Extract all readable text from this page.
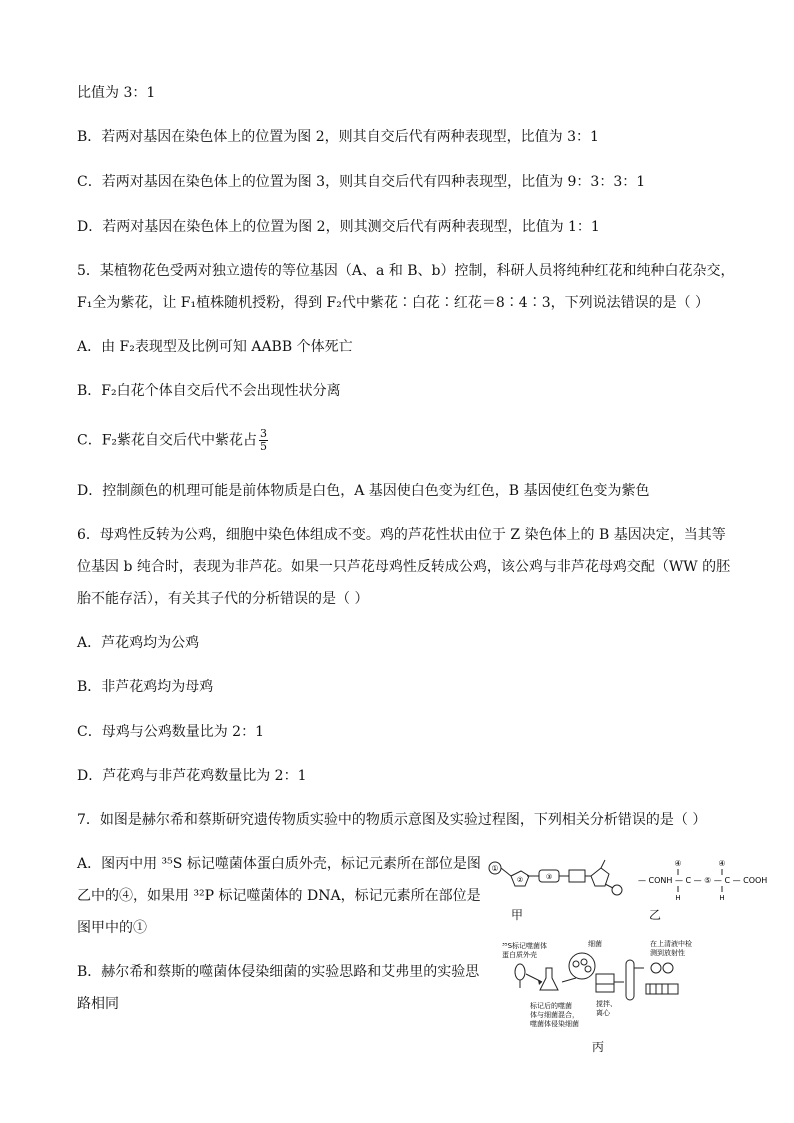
比值为 3：1
B．若两对基因在染色体上的位置为图 2，则其自交后代有两种表现型，比值为 3：1
C．若两对基因在染色体上的位置为图 3，则其自交后代有四种表现型，比值为 9：3：3：1
D．若两对基因在染色体上的位置为图 2，则其测交后代有两种表现型，比值为 1：1
5．某植物花色受两对独立遗传的等位基因（A、a 和 B、b）控制，科研人员将纯种红花和纯种白花杂交，
F₁全为紫花，让 F₁植株随机授粉，得到 F₂代中紫花∶白花∶红花＝8∶4∶3，下列说法错误的是（ ）
A．由 F₂表现型及比例可知 AABB 个体死亡
B．F₂白花个体自交后代不会出现性状分离
C．F₂紫花自交后代中紫花占 $\frac{3}{5}$
D．控制颜色的机理可能是前体物质是白色，A 基因使白色变为红色，B 基因使红色变为紫色
6．母鸡性反转为公鸡，细胞中染色体组成不变。鸡的芦花性状由位于 Z 染色体上的 B 基因决定，当其等
位基因 b 纯合时，表现为非芦花。如果一只芦花母鸡性反转成公鸡，该公鸡与非芦花母鸡交配（WW 的胚
胎不能存活），有关其子代的分析错误的是（ ）
A．芦花鸡均为公鸡
B．非芦花鸡均为母鸡
C．母鸡与公鸡数量比为 2：1
D．芦花鸡与非芦花鸡数量比为 2：1
7．如图是赫尔希和蔡斯研究遗传物质实验中的物质示意图及实验过程图，下列相关分析错误的是（ ）
A．图丙中用 ³⁵S 标记噬菌体蛋白质外壳，标记元素所在部位是图
乙中的④，如果用 ³²P 标记噬菌体的 DNA，标记元素所在部位是
图甲中的①
B．赫尔希和蔡斯的噬菌体侵染细菌的实验思路和艾弗里的实验思
路相同
①
②	③
甲
④	④
— CONH — C — ⑤ — C — COOH
H	H
乙
³⁵S标记噬菌体
蛋白质外壳
细菌	在上清液中检
测到放射性
标记后的噬菌
体与细菌混合，
噬菌体侵染细菌
搅拌、
离心
丙
